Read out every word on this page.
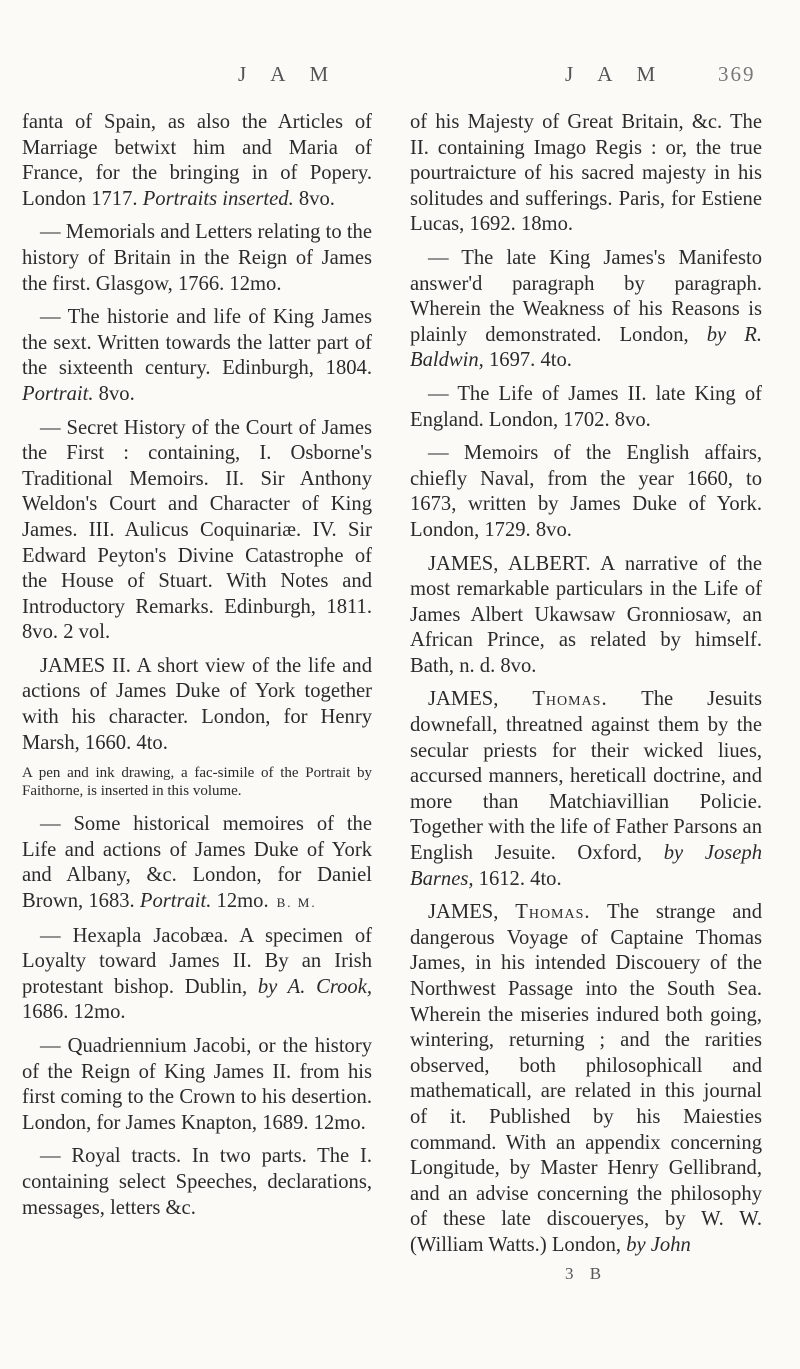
J A M	J A M	369

fanta of Spain, as also the Articles of Marriage betwixt him and Maria of France, for the bringing in of Popery. London 1717. Portraits inserted. 8vo.

— Memorials and Letters relating to the history of Britain in the Reign of James the first. Glasgow, 1766. 12mo.

— The historie and life of King James the sext. Written towards the latter part of the sixteenth century. Edinburgh, 1804. Portrait. 8vo.

— Secret History of the Court of James the First : containing, I. Osborne's Traditional Memoirs. II. Sir Anthony Weldon's Court and Character of King James. III. Aulicus Coquinariæ. IV. Sir Edward Peyton's Divine Catastrophe of the House of Stuart. With Notes and Introductory Remarks. Edinburgh, 1811. 8vo. 2 vol.

JAMES II. A short view of the life and actions of James Duke of York together with his character. London, for Henry Marsh, 1660. 4to.

A pen and ink drawing, a fac-simile of the Portrait by Faithorne, is inserted in this volume.

— Some historical memoires of the Life and actions of James Duke of York and Albany, &c. London, for Daniel Brown, 1683. Portrait. 12mo. B. M.

— Hexapla Jacobæa. A specimen of Loyalty toward James II. By an Irish protestant bishop. Dublin, by A. Crook, 1686. 12mo.

— Quadriennium Jacobi, or the history of the Reign of King James II. from his first coming to the Crown to his desertion. London, for James Knapton, 1689. 12mo.

— Royal tracts. In two parts. The I. containing select Speeches, declarations, messages, letters &c.

of his Majesty of Great Britain, &c. The II. containing Imago Regis : or, the true pourtraicture of his sacred majesty in his solitudes and sufferings. Paris, for Estiene Lucas, 1692. 18mo.

— The late King James's Manifesto answer'd paragraph by paragraph. Wherein the Weakness of his Reasons is plainly demonstrated. London, by R. Baldwin, 1697. 4to.

— The Life of James II. late King of England. London, 1702. 8vo.

— Memoirs of the English affairs, chiefly Naval, from the year 1660, to 1673, written by James Duke of York. London, 1729. 8vo.

JAMES, ALBERT. A narrative of the most remarkable particulars in the Life of James Albert Ukawsaw Gronniosaw, an African Prince, as related by himself. Bath, n. d. 8vo.

JAMES, Thomas. The Jesuits downefall, threatned against them by the secular priests for their wicked liues, accursed manners, hereticall doctrine, and more than Matchiavillian Policie. Together with the life of Father Parsons an English Jesuite. Oxford, by Joseph Barnes, 1612. 4to.

JAMES, Thomas. The strange and dangerous Voyage of Captaine Thomas James, in his intended Discouery of the Northwest Passage into the South Sea. Wherein the miseries indured both going, wintering, returning ; and the rarities observed, both philosophicall and mathematicall, are related in this journal of it. Published by his Maiesties command. With an appendix concerning Longitude, by Master Henry Gellibrand, and an advise concerning the philosophy of these late discoueryes, by W. W. (William Watts.) London, by John

3 B
